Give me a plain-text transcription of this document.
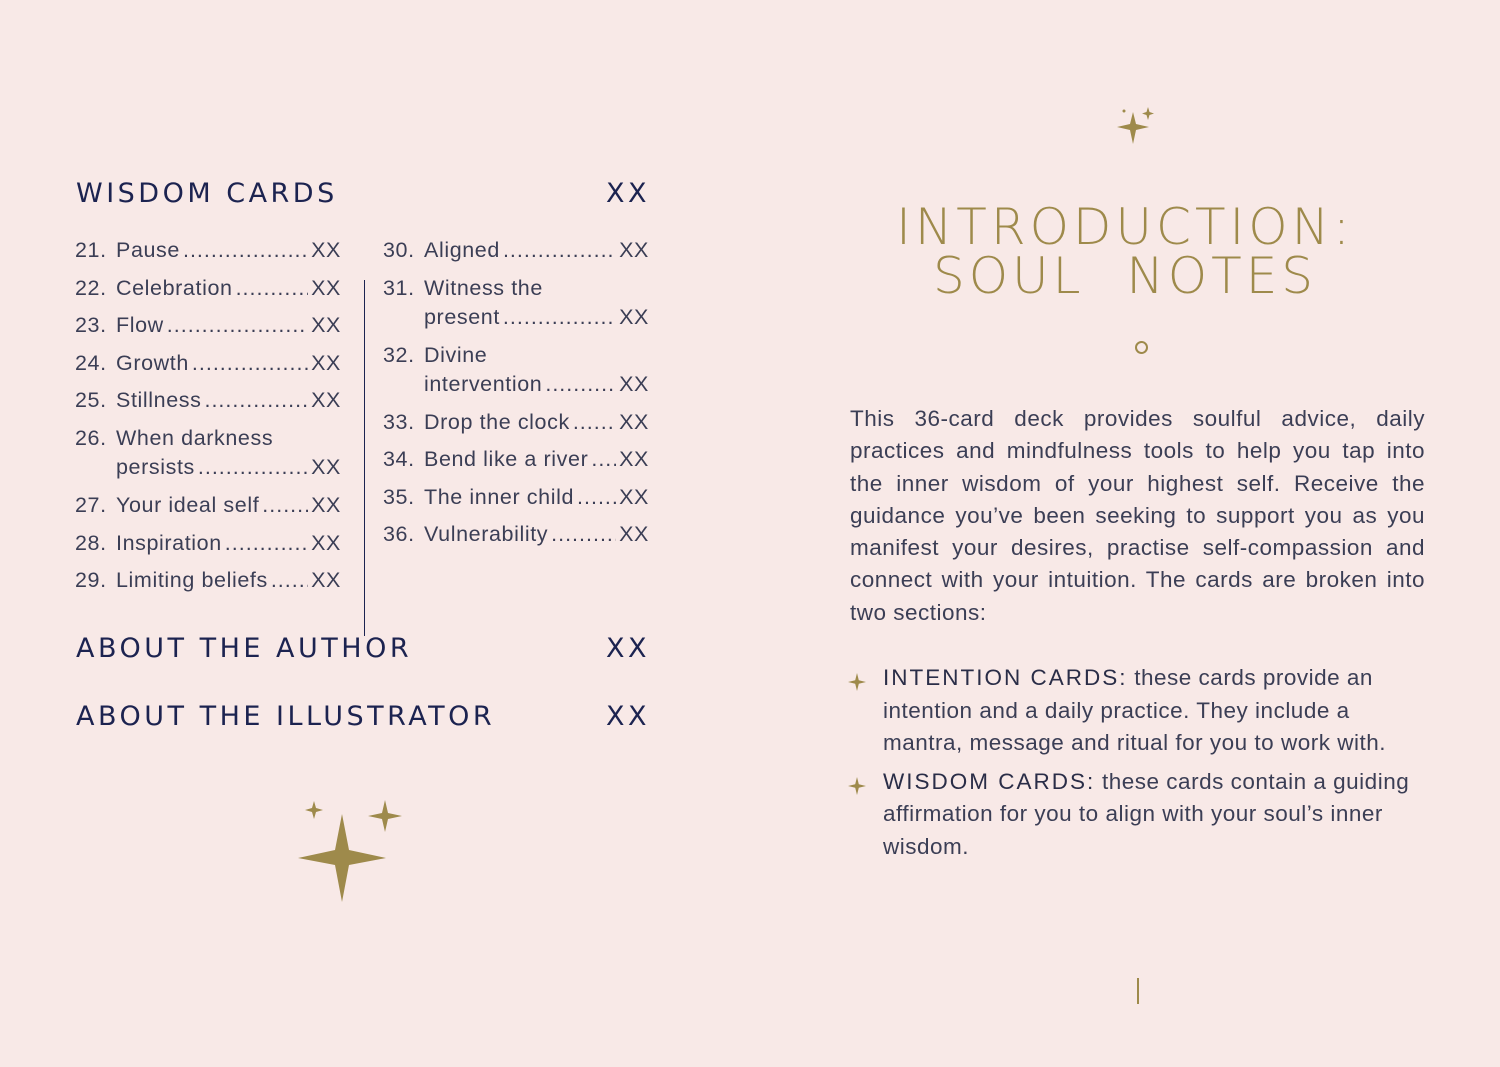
WISDOM CARDS	XX
21. Pause .....	XX
22. Celebration .....	XX
23. Flow .....	XX
24. Growth .....	XX
25. Stillness .....	XX
26. When darkness
persists .....	XX
27. Your ideal self ..... XX
28. Inspiration .....	XX
29. Limiting beliefs ..... XX
30. Aligned .....	XX
31. Witness the
present .....	XX
32. Divine
intervention .....	XX
33. Drop the clock ..... XX
34. Bend like a river ..... XX
35. The inner child ..... XX
36. Vulnerability .....	XX
ABOUT THE AUTHOR	XX
ABOUT THE ILLUSTRATOR	XX
INTRODUCTION:
SOUL NOTES
This 36-card deck provides soulful advice, daily practices and mindfulness tools to help you tap into the inner wisdom of your highest self. Receive the guidance you’ve been seeking to support you as you manifest your desires, practise self-compassion and connect with your intuition. The cards are broken into two sections:
INTENTION CARDS: these cards provide an intention and a daily practice. They include a mantra, message and ritual for you to work with.
WISDOM CARDS: these cards contain a guiding affirmation for you to align with your soul’s inner wisdom.
